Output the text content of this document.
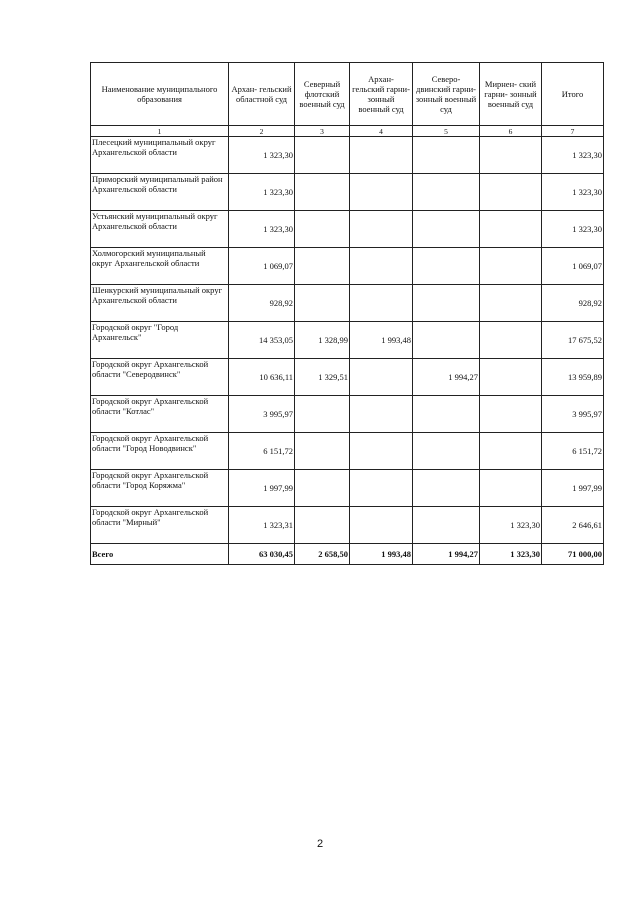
Наименование муниципального образования	Архан- гельский областной суд	Северный флотский военный суд	Архан- гельский гарни- зонный военный суд	Северо- двинский гарни- зонный военный суд	Мирнен- ский гарни- зонный военный суд	Итого
1	2	3	4	5	6	7
Плесецкий муниципальный округ Архангельской области	1 323,30					1 323,30
Приморский муниципальный район Архангельской области	1 323,30					1 323,30
Устьянский муниципальный округ Архангельской области	1 323,30					1 323,30
Холмогорский муниципальный округ Архангельской области	1 069,07					1 069,07
Шенкурский муниципальный округ Архангельской области	928,92					928,92
Городской округ "Город Архангельск"	14 353,05	1 328,99	1 993,48			17 675,52
Городской округ Архангельской области "Северодвинск"	10 636,11	1 329,51		1 994,27		13 959,89
Городской округ Архангельской области "Котлас"	3 995,97					3 995,97
Городской округ Архангельской области "Город Новодвинск"	6 151,72					6 151,72
Городской округ Архангельской области "Город Коряжма"	1 997,99					1 997,99
Городской округ Архангельской области "Мирный"	1 323,31				1 323,30	2 646,61
Всего	63 030,45	2 658,50	1 993,48	1 994,27	1 323,30	71 000,00
2
